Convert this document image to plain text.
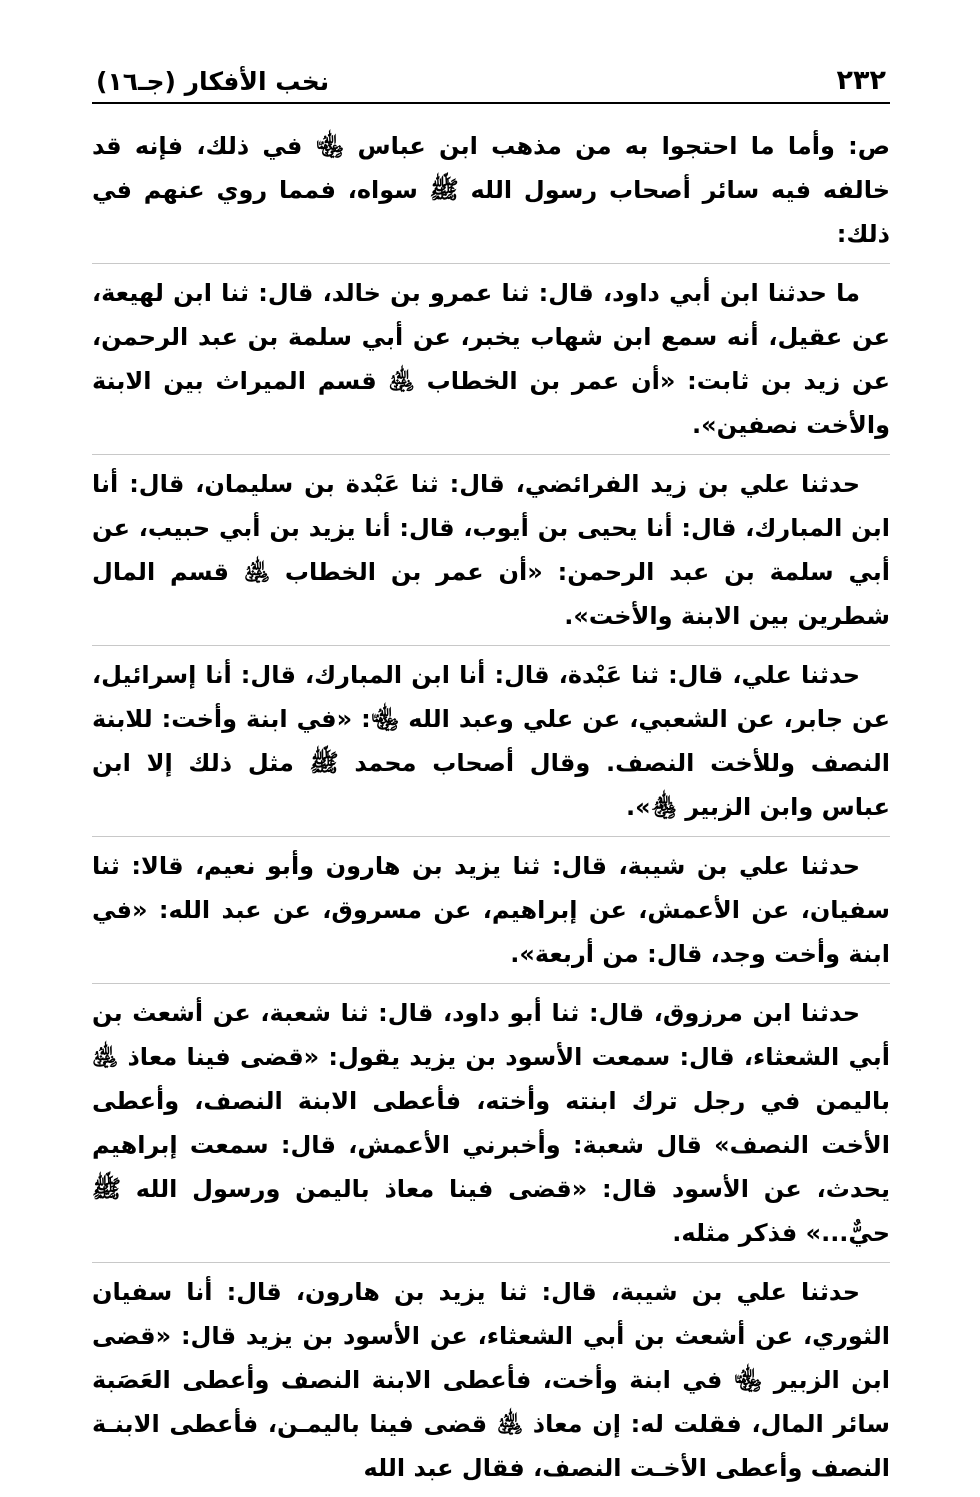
٢٣٢
نخب الأفكار (جـ١٦)

ص: وأما ما احتجوا به من مذهب ابن عباس ﵄ في ذلك، فإنه قد خالفه فيه سائر أصحاب رسول الله ﷺ سواه، فمما روي عنهم في ذلك:

ما حدثنا ابن أبي داود، قال: ثنا عمرو بن خالد، قال: ثنا ابن لهيعة، عن عقيل، أنه سمع ابن شهاب يخبر، عن أبي سلمة بن عبد الرحمن، عن زيد بن ثابت: «أن عمر بن الخطاب ﵁ قسم الميراث بين الابنة والأخت نصفين».

حدثنا علي بن زيد الفرائضي، قال: ثنا عَبْدة بن سليمان، قال: أنا ابن المبارك، قال: أنا يحيى بن أيوب، قال: أنا يزيد بن أبي حبيب، عن أبي سلمة بن عبد الرحمن: «أن عمر بن الخطاب ﵁ قسم المال شطرين بين الابنة والأخت».

حدثنا علي، قال: ثنا عَبْدة، قال: أنا ابن المبارك، قال: أنا إسرائيل، عن جابر، عن الشعبي، عن علي وعبد الله ﵄: «في ابنة وأخت: للابنة النصف وللأخت النصف. وقال أصحاب محمد ﷺ مثل ذلك إلا ابن عباس وابن الزبير ﵃».

حدثنا علي بن شيبة، قال: ثنا يزيد بن هارون وأبو نعيم، قالا: ثنا سفيان، عن الأعمش، عن إبراهيم، عن مسروق، عن عبد الله: «في ابنة وأخت وجد، قال: من أربعة».

حدثنا ابن مرزوق، قال: ثنا أبو داود، قال: ثنا شعبة، عن أشعث بن أبي الشعثاء، قال: سمعت الأسود بن يزيد يقول: «قضى فينا معاذ ﵁ باليمن في رجل ترك ابنته وأخته، فأعطى الابنة النصف، وأعطى الأخت النصف» قال شعبة: وأخبرني الأعمش، قال: سمعت إبراهيم يحدث، عن الأسود قال: «قضى فينا معاذ باليمن ورسول الله ﷺ حيٌّ...» فذكر مثله.

حدثنا علي بن شيبة، قال: ثنا يزيد بن هارون، قال: أنا سفيان الثوري، عن أشعث بن أبي الشعثاء، عن الأسود بن يزيد قال: «قضى ابن الزبير ﵄ في ابنة وأخت، فأعطى الابنة النصف وأعطى العَصَبة سائر المال، فقلت له: إن معاذ ﵁ قضى فينا باليمـن، فأعطى الابنـة النصف وأعطى الأخـت النصف، فقال عبد الله
